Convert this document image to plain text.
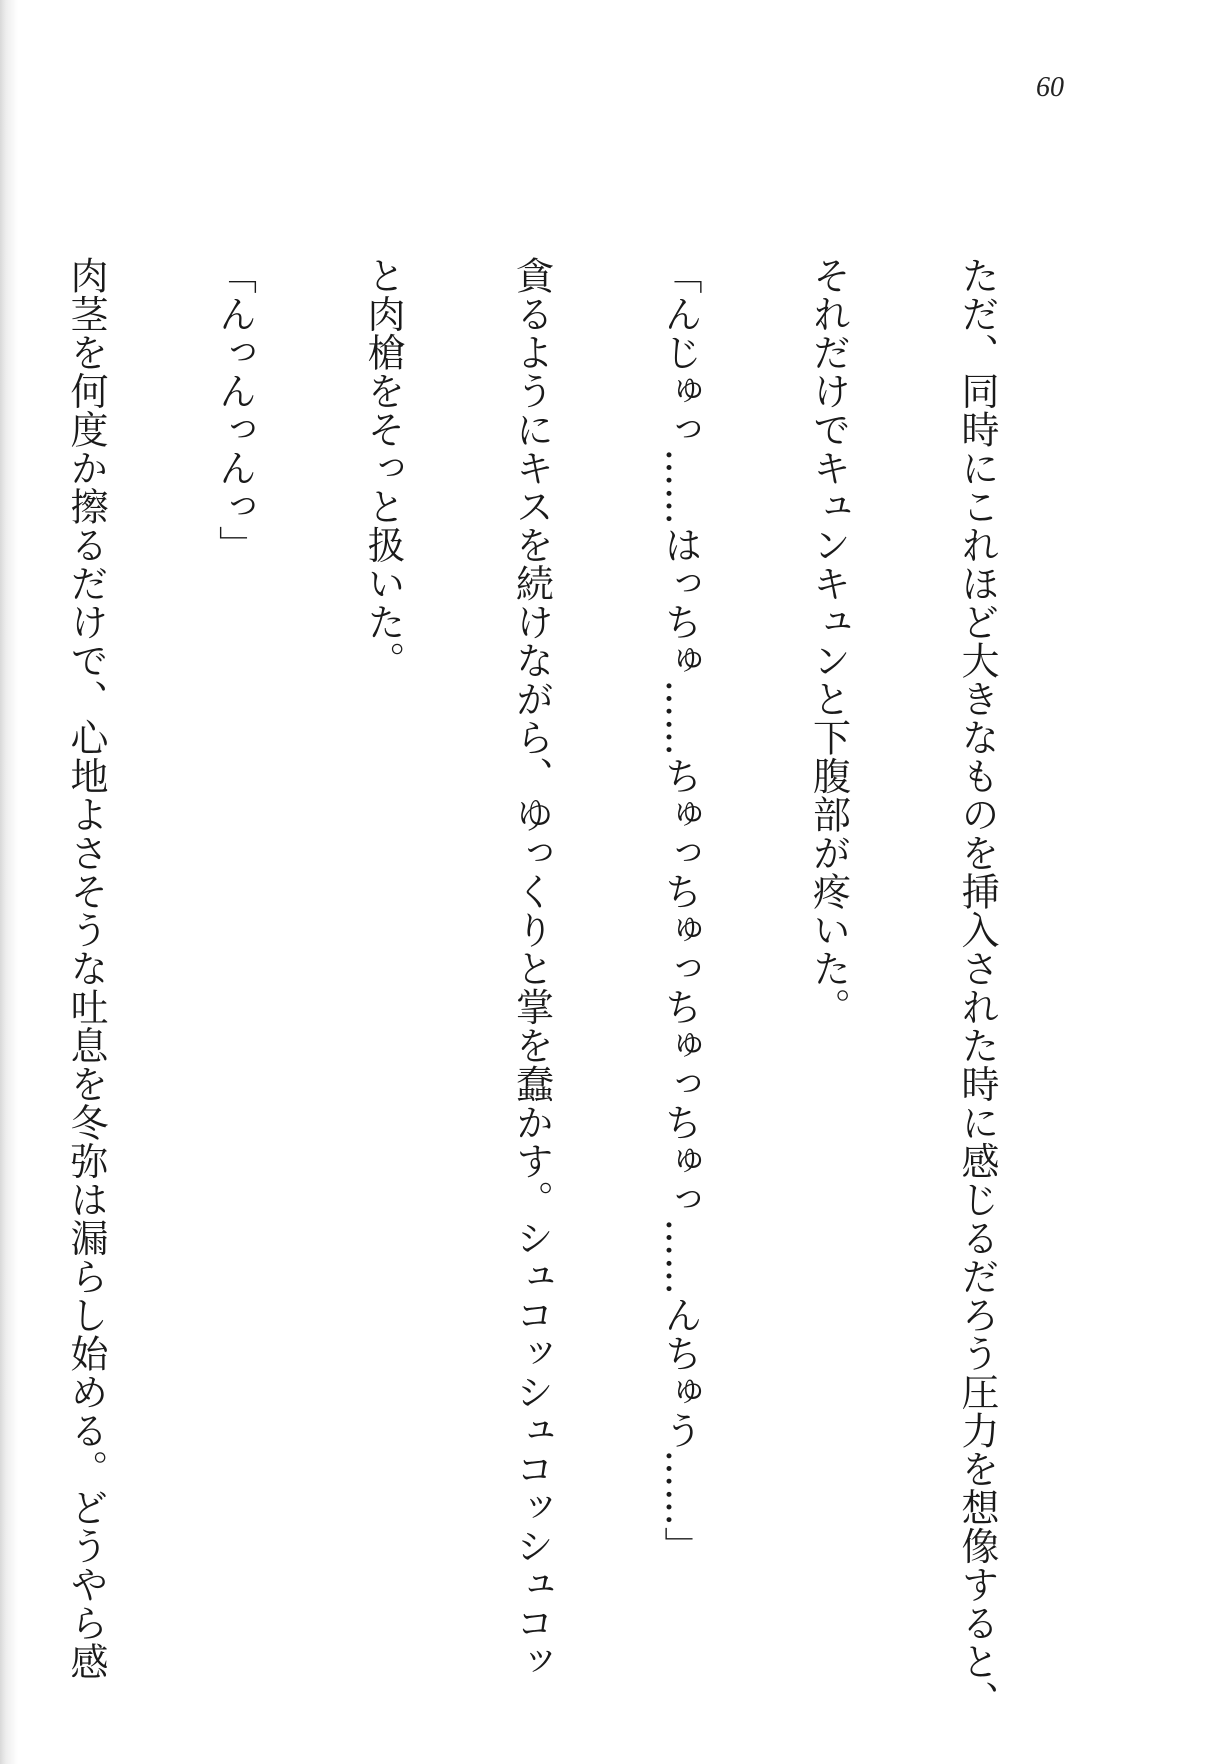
60

ただ、同時にこれほど大きなものを挿入された時に感じるだろう圧力を想像すると、

それだけでキュンキュンと下腹部が疼いた。

「んじゅっ……はっちゅ……ちゅっちゅっちゅっちゅっ……んちゅう……」

貪るようにキスを続けながら、ゆっくりと掌を蠢かす。シュコッシュコッシュコッ

と肉槍をそっと扱いた。

「んっんっんっ」

肉茎を何度か擦るだけで、心地よさそうな吐息を冬弥は漏らし始める。どうやら感
